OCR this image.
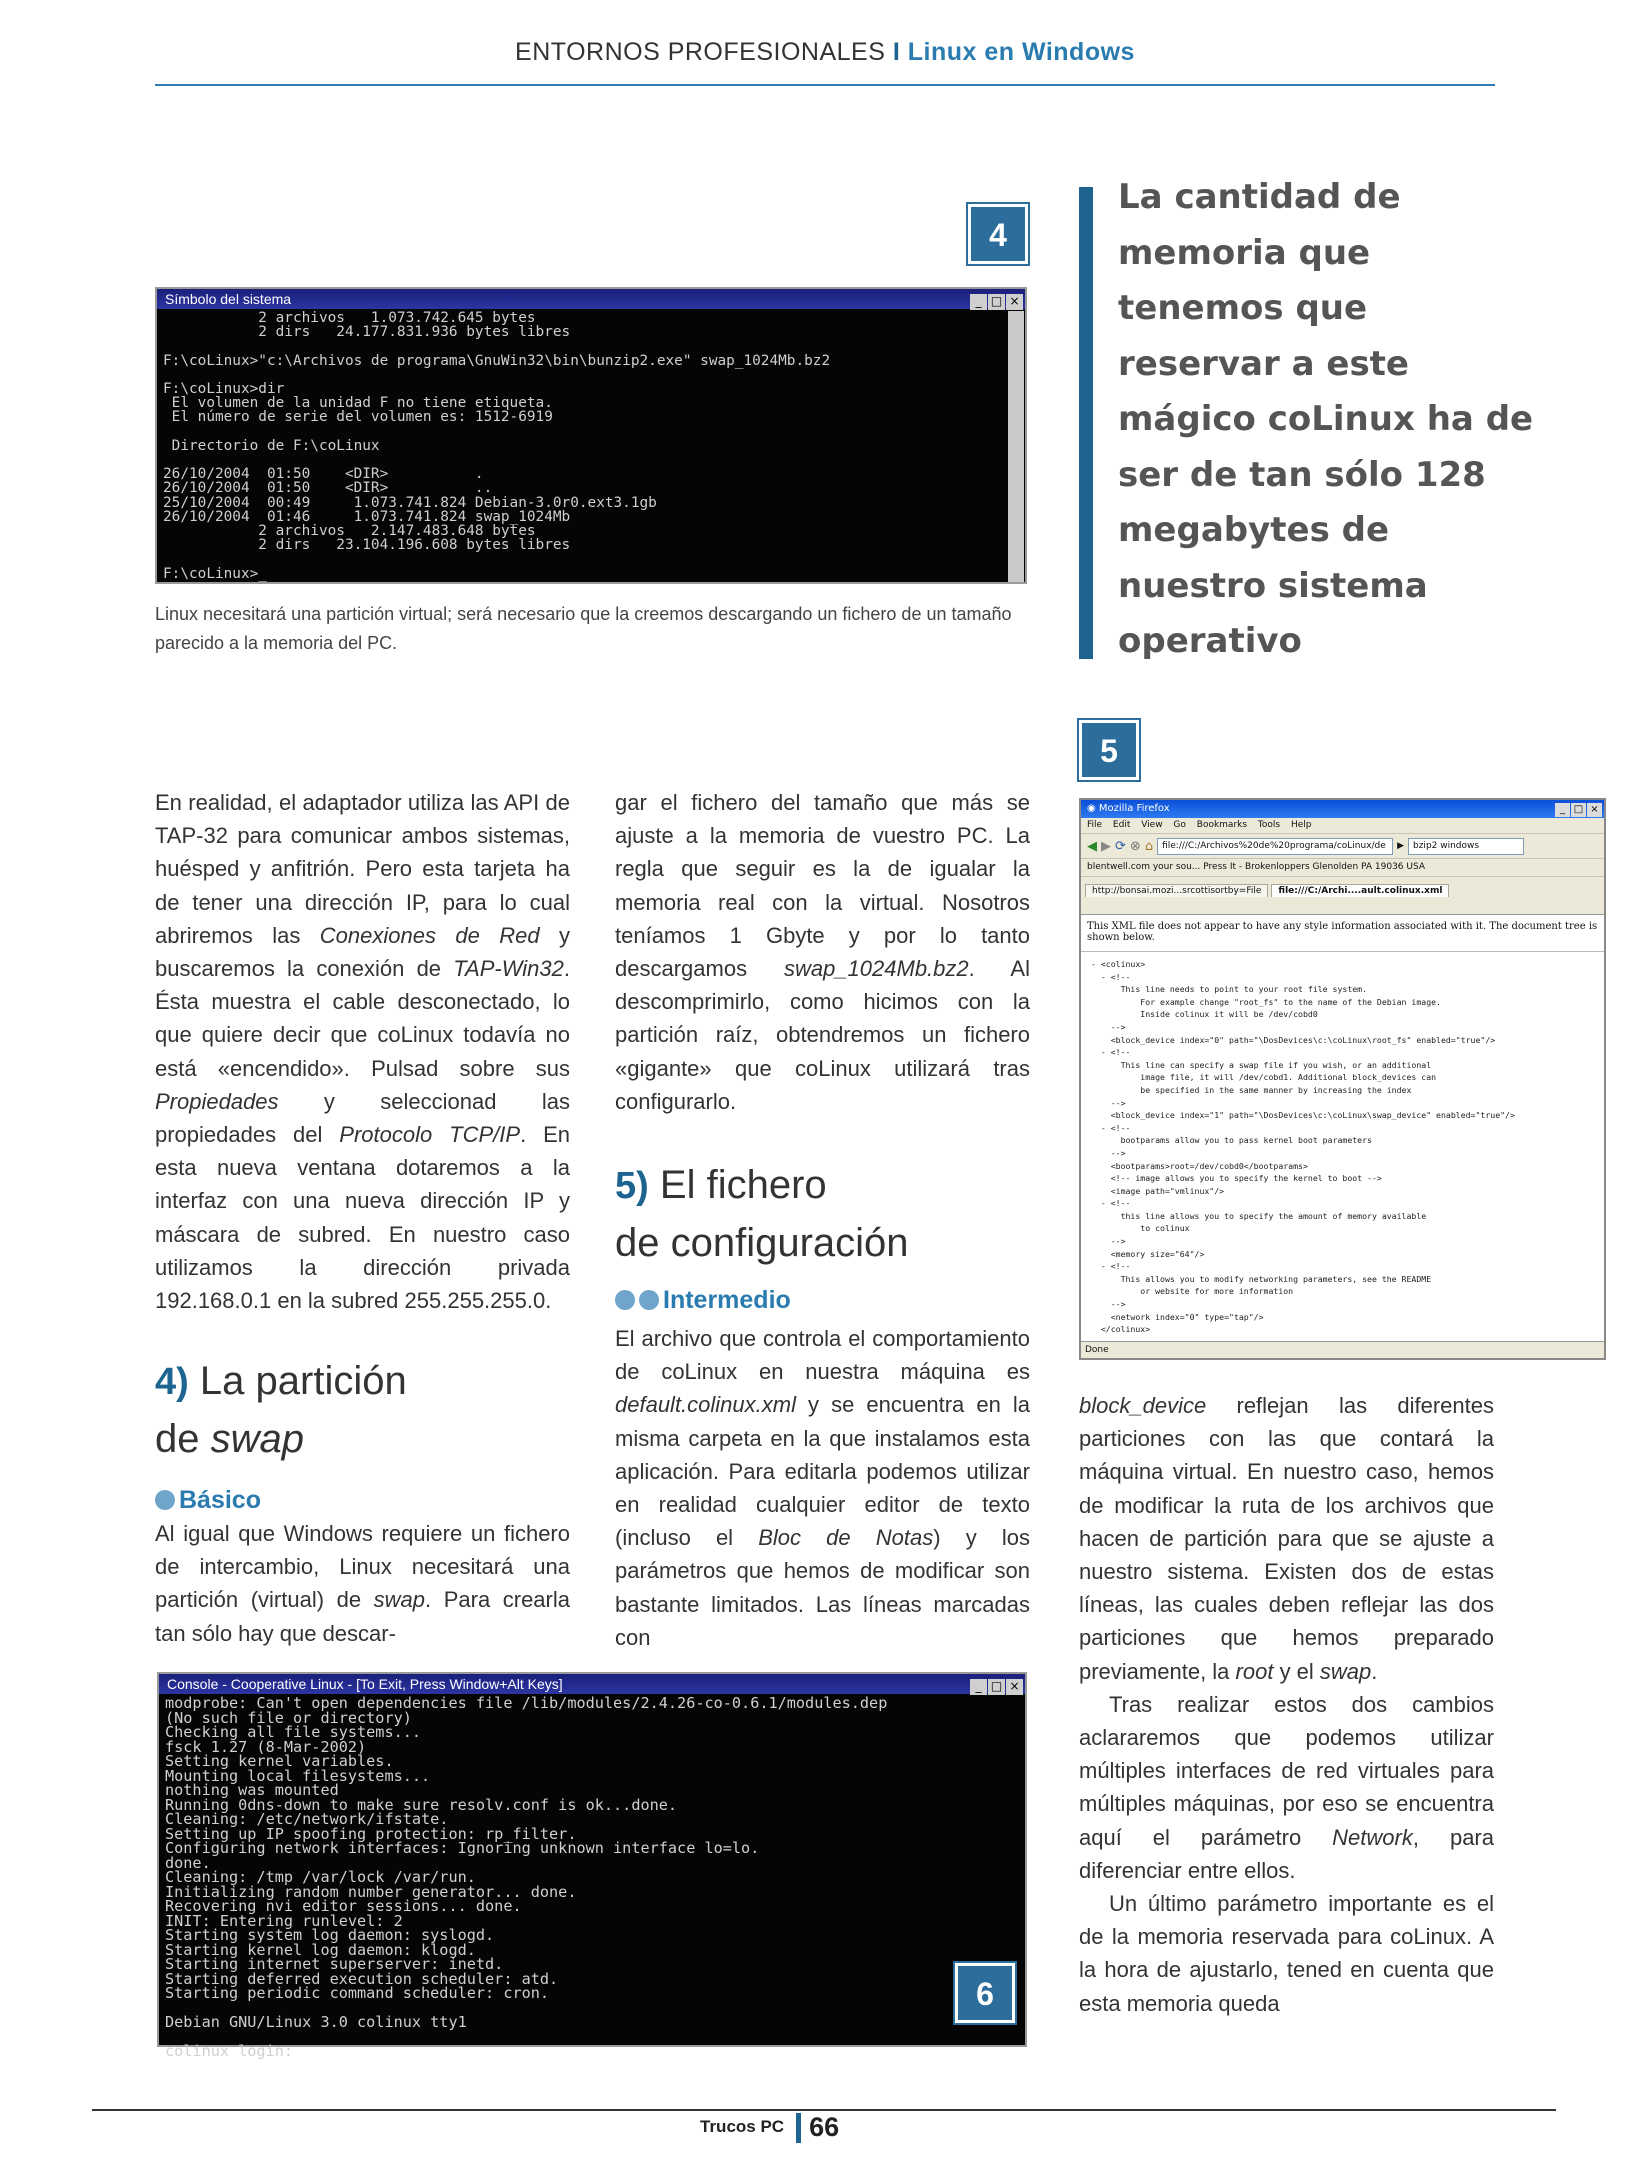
ENTORNOS PROFESIONALES I Linux en Windows
4
Símbolo del sistema	_ □ ×
2 archivos   1.073.742.645 bytes
2 dirs   24.177.831.936 bytes libres

F:\coLinux>"c:\Archivos de programa\GnuWin32\bin\bunzip2.exe" swap_1024Mb.bz2

F:\coLinux>dir
El volumen de la unidad F no tiene etiqueta.
El número de serie del volumen es: 1512-6919

Directorio de F:\coLinux

26/10/2004  01:50    <DIR>          .
26/10/2004  01:50    <DIR>          ..
25/10/2004  00:49     1.073.741.824 Debian-3.0r0.ext3.1gb
26/10/2004  01:46     1.073.741.824 swap_1024Mb
2 archivos   2.147.483.648 bytes
2 dirs   23.104.196.608 bytes libres

F:\coLinux>_
Linux necesitará una partición virtual; será necesario que la creemos descargando un fichero de un tamaño parecido a la memoria del PC.
La cantidad de memoria que tenemos que reservar a este mágico coLinux ha de ser de tan sólo 128 megabytes de nuestro sistema operativo
5
◉ Mozilla Firefox	_ □ ×
File Edit View Go Bookmarks Tools Help
◀ ▶ ⟳ ⊗ ⌂	file:///C:/Archivos%20de%20programa/coLinux/de	▶	bzip2 windows
blentwell.com your sou... Press It - Brokenloppers Glenolden PA 19036 USA
http://bonsai.mozi...srcottisortby=File	file:///C:/Archi....ault.colinux.xml
This XML file does not appear to have any style information associated with it. The document tree is shown below.
- <colinux>
- <!--
This line needs to point to your root file system.
For example change "root_fs" to the name of the Debian image.
Inside colinux it will be /dev/cobd0
-->
<block_device index="0" path="\DosDevices\c:\coLinux\root_fs" enabled="true"/>
- <!--
This line can specify a swap file if you wish, or an additional
image file, it will /dev/cobd1. Additional block_devices can
be specified in the same manner by increasing the index
-->
<block_device index="1" path="\DosDevices\c:\coLinux\swap_device" enabled="true"/>
- <!--
bootparams allow you to pass kernel boot parameters
-->
<bootparams>root=/dev/cobd0</bootparams>
<!-- image allows you to specify the kernel to boot -->
<image path="vmlinux"/>
- <!--
this line allows you to specify the amount of memory available
to colinux
-->
<memory size="64"/>
- <!--
This allows you to modify networking parameters, see the README
or website for more information
-->
<network index="0" type="tap"/>
</colinux>
Done

En realidad, el adaptador utiliza las API de TAP-32 para comunicar ambos sistemas, huésped y anfitrión. Pero esta tarjeta ha de tener una dirección IP, para lo cual abriremos las Conexiones de Red y buscaremos la conexión de TAP-Win32. Ésta muestra el cable desconectado, lo que quiere decir que coLinux todavía no está «encendido». Pulsad sobre sus Propiedades y seleccionad las propiedades del Protocolo TCP/IP. En esta nueva ventana dotaremos a la interfaz con una nueva dirección IP y máscara de subred. En nuestro caso utilizamos la dirección privada 192.168.0.1 en la subred 255.255.255.0.

4) La partición
de swap
Básico

Al igual que Windows requiere un fichero de intercambio, Linux necesitará una partición (virtual) de swap. Para crearla tan sólo hay que descar-

gar el fichero del tamaño que más se ajuste a la memoria de vuestro PC. La regla que seguir es la de igualar la memoria real con la virtual. Nosotros teníamos 1 Gbyte y por lo tanto descargamos swap_1024Mb.bz2. Al descomprimirlo, como hicimos con la partición raíz, obtendremos un fichero «gigante» que coLinux utilizará tras configurarlo.

5) El fichero
de configuración
Intermedio

El archivo que controla el comportamiento de coLinux en nuestra máquina es default.colinux.xml y se encuentra en la misma carpeta en la que instalamos esta aplicación. Para editarla podemos utilizar en realidad cualquier editor de texto (incluso el Bloc de Notas) y los parámetros que hemos de modificar son bastante limitados. Las líneas marcadas con

block_device reflejan las diferentes particiones con las que contará la máquina virtual. En nuestro caso, hemos de modificar la ruta de los archivos que hacen de partición para que se ajuste a nuestro sistema. Existen dos de estas líneas, las cuales deben reflejar las dos particiones que hemos preparado previamente, la root y el swap.

Tras realizar estos dos cambios aclararemos que podemos utilizar múltiples interfaces de red virtuales para múltiples máquinas, por eso se encuentra aquí el parámetro Network, para diferenciar entre ellos.

Un último parámetro importante es el de la memoria reservada para coLinux. A la hora de ajustarlo, tened en cuenta que esta memoria queda

Console - Cooperative Linux - [To Exit, Press Window+Alt Keys]	_ □ ×
modprobe: Can't open dependencies file /lib/modules/2.4.26-co-0.6.1/modules.dep
(No such file or directory)
Checking all file systems...
fsck 1.27 (8-Mar-2002)
Setting kernel variables.
Mounting local filesystems...
nothing was mounted
Running 0dns-down to make sure resolv.conf is ok...done.
Cleaning: /etc/network/ifstate.
Setting up IP spoofing protection: rp_filter.
Configuring network interfaces: Ignoring unknown interface lo=lo.
done.
Cleaning: /tmp /var/lock /var/run.
Initializing random number generator... done.
Recovering nvi editor sessions... done.
INIT: Entering runlevel: 2
Starting system log daemon: syslogd.
Starting kernel log daemon: klogd.
Starting internet superserver: inetd.
Starting deferred execution scheduler: atd.
Starting periodic command scheduler: cron.

Debian GNU/Linux 3.0 colinux tty1

colinux login:
6
Trucos PC 66
